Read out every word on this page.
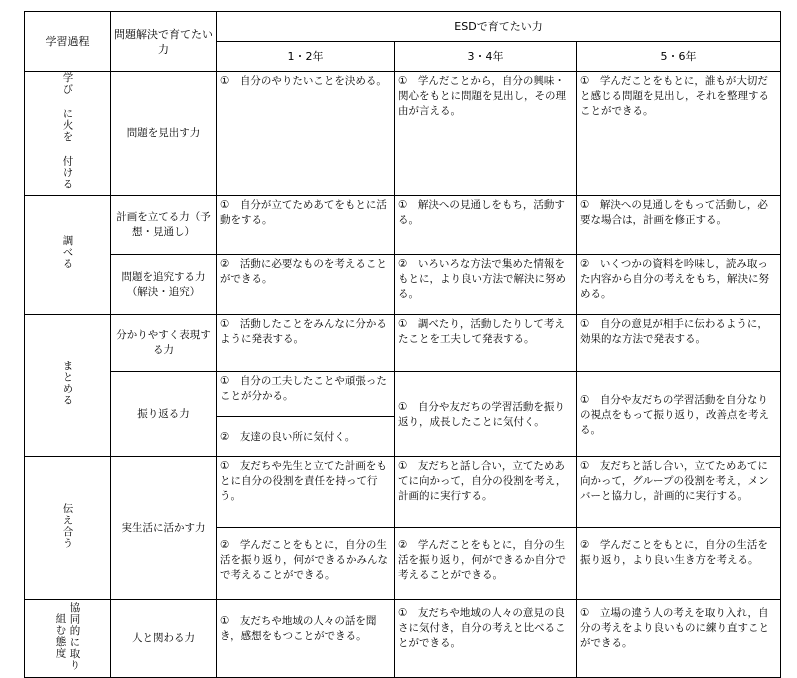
学習過程	問題解決で育てたい力	ESDで育てたい力		
		1・2年	3・4年	5・6年
学び に火を 付ける	問題を見出す力	①　自分のやりたいことを決める。	①　学んだことから，自分の興味・関心をもとに問題を見出し，その理由が言える。	①　学んだことをもとに，誰もが大切だと感じる問題を見出し，それを整理することができる。
調べる	計画を立てる力（予想・見通し）	①　自分が立てためあてをもとに活動をする。	①　解決への見通しをもち，活動する。	①　解決への見通しをもって活動し，必要な場合は，計画を修正する。
	問題を追究する力（解決・追究）	②　活動に必要なものを考えることができる。	②　いろいろな方法で集めた情報をもとに，より良い方法で解決に努める。	②　いくつかの資料を吟味し，読み取った内容から自分の考えをもち，解決に努める。
まとめる	分かりやすく表現する力	①　活動したことをみんなに分かるように発表する。	①　調べたり，活動したりして考えたことを工夫して発表する。	①　自分の意見が相手に伝わるように，効果的な方法で発表する。
	振り返る力	①　自分の工夫したことや頑張ったことが分かる。	①　自分や友だちの学習活動を振り返り，成長したことに気付く。	①　自分や友だちの学習活動を自分なりの視点をもって振り返り，改善点を考える。
		②　友達の良い所に気付く。		
伝え合う	実生活に活かす力	①　友だちや先生と立てた計画をもとに自分の役割を責任を持って行う。	①　友だちと話し合い，立てためあてに向かって，自分の役割を考え，計画的に実行する。	①　友だちと話し合い，立てためあてに向かって，グループの役割を考え，メンバーと協力し，計画的に実行する。
		②　学んだことをもとに，自分の生活を振り返り，何ができるかみんなで考えることができる。	②　学んだことをもとに，自分の生活を振り返り，何ができるか自分で考えることができる。	②　学んだことをもとに，自分の生活を振り返り，より良い生き方を考える。
協同的に取り組む態度	人と関わる力	①　友だちや地域の人々の話を聞き，感想をもつことができる。	①　友だちや地域の人々の意見の良さに気付き，自分の考えと比べることができる。	①　立場の違う人の考えを取り入れ，自分の考えをより良いものに練り直すことができる。
